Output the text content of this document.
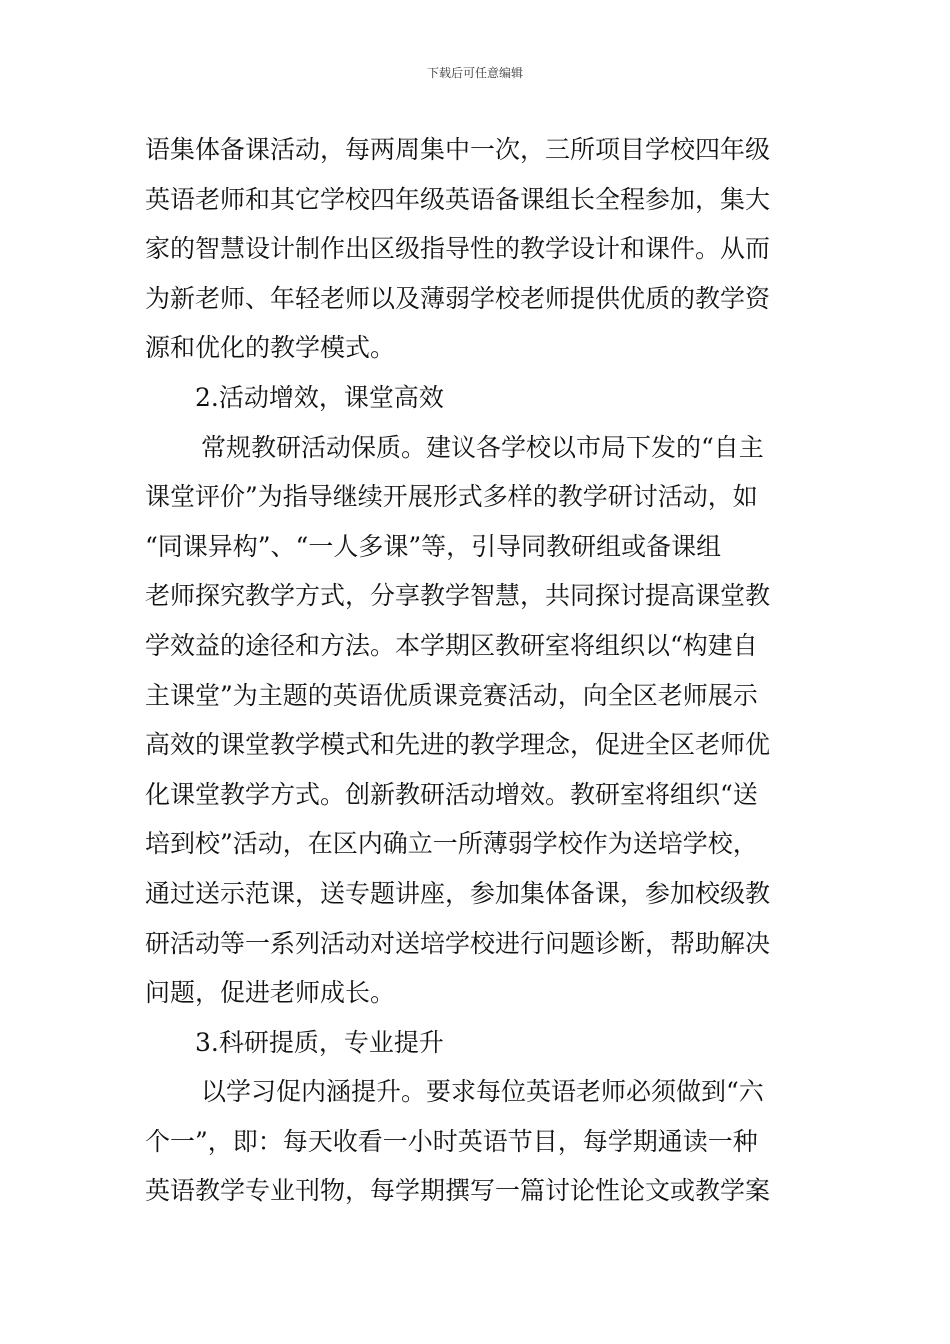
下载后可任意编辑
语集体备课活动，每两周集中一次，三所项目学校四年级
英语老师和其它学校四年级英语备课组长全程参加，集大
家的智慧设计制作出区级指导性的教学设计和课件。从而
为新老师、年轻老师以及薄弱学校老师提供优质的教学资
源和优化的教学模式。
2.活动增效，课堂高效
常规教研活动保质。建议各学校以市局下发的“自主
课堂评价”为指导继续开展形式多样的教学研讨活动，如
“同课异构”、“一人多课”等，引导同教研组或备课组
老师探究教学方式，分享教学智慧，共同探讨提高课堂教
学效益的途径和方法。本学期区教研室将组织以“构建自
主课堂”为主题的英语优质课竞赛活动，向全区老师展示
高效的课堂教学模式和先进的教学理念，促进全区老师优
化课堂教学方式。创新教研活动增效。教研室将组织“送
培到校”活动，在区内确立一所薄弱学校作为送培学校，
通过送示范课，送专题讲座，参加集体备课，参加校级教
研活动等一系列活动对送培学校进行问题诊断，帮助解决
问题，促进老师成长。
3.科研提质，专业提升
以学习促内涵提升。要求每位英语老师必须做到“六
个一”，即：每天收看一小时英语节目，每学期通读一种
英语教学专业刊物，每学期撰写一篇讨论性论文或教学案
